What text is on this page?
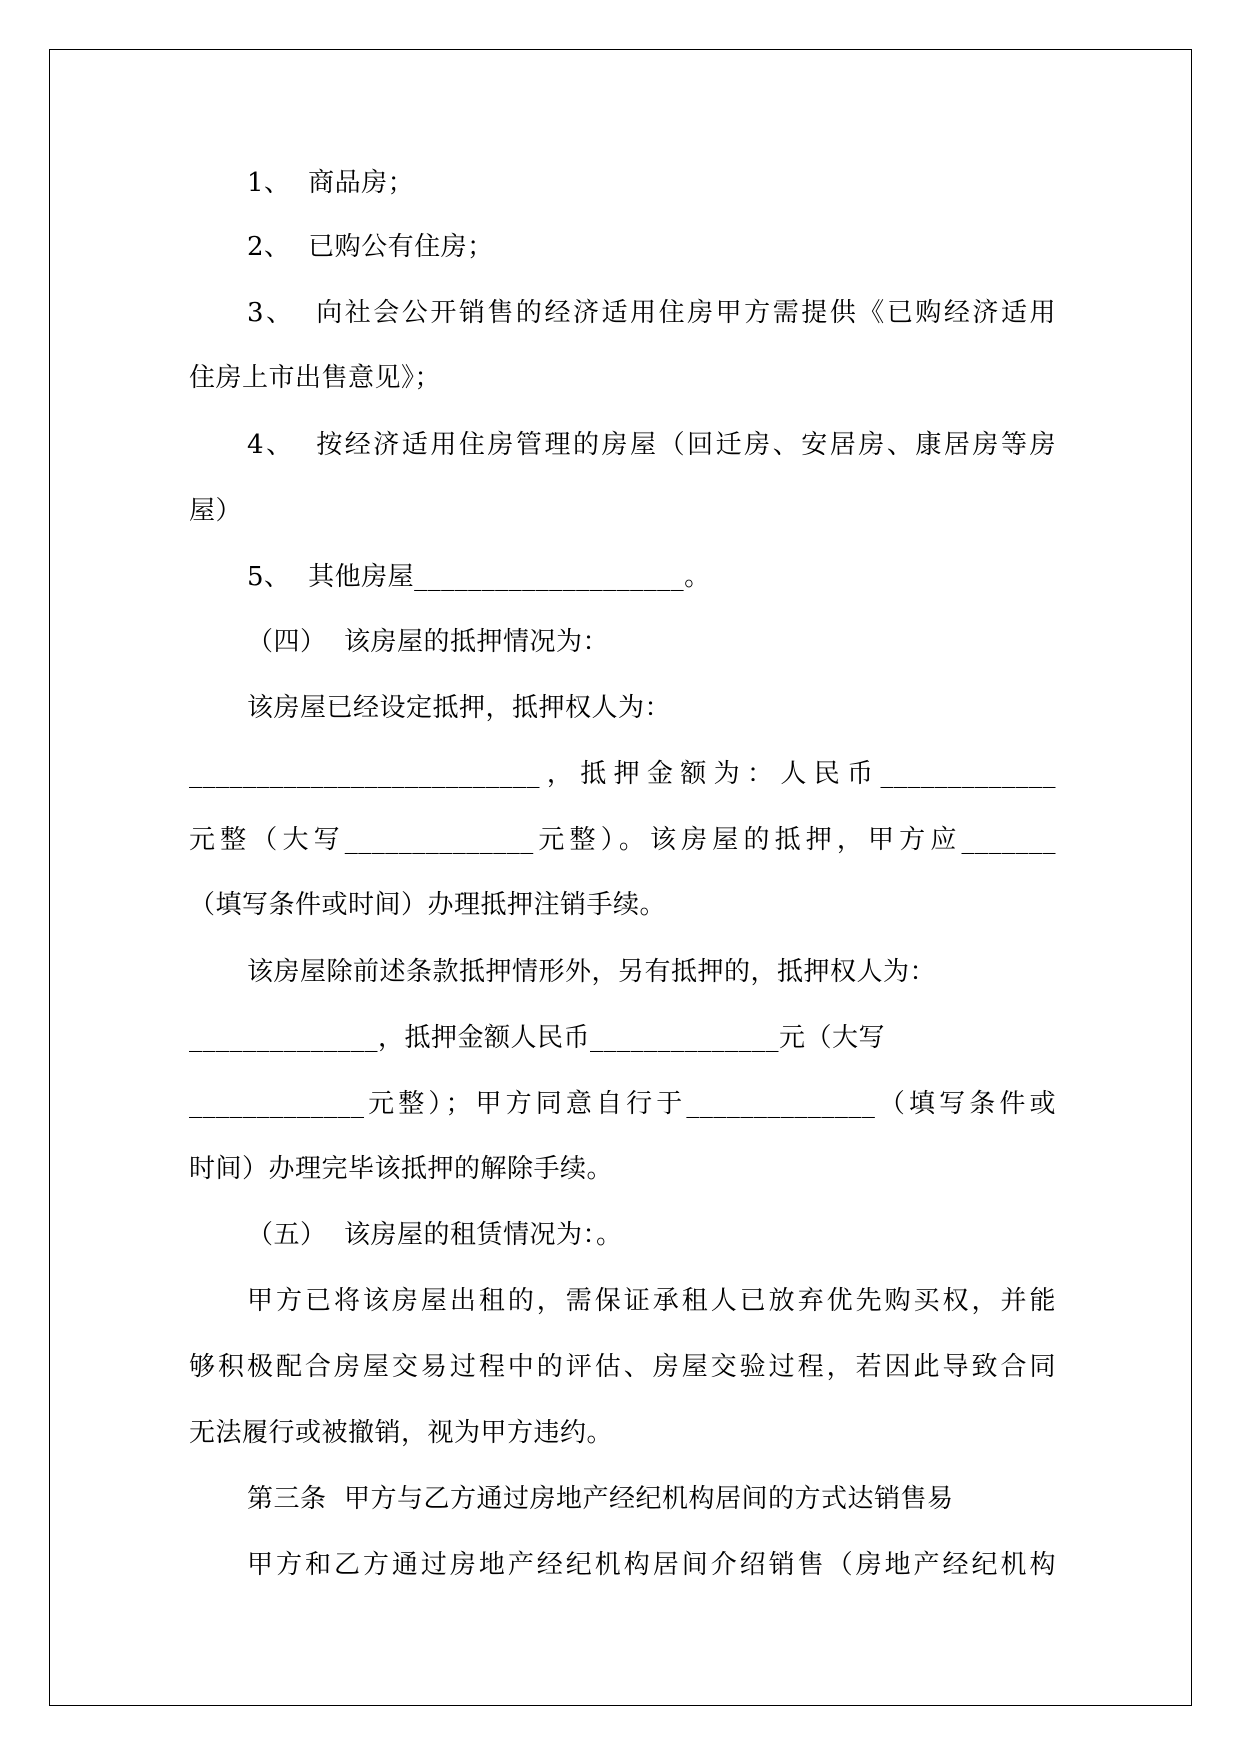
1、  商品房；
2、  已购公有住房；
3、  向社会公开销售的经济适用住房甲方需提供《已购经济适用
住房上市出售意见》；
4、  按经济适用住房管理的房屋（回迁房、安居房、康居房等房
屋）
5、  其他房屋____________________。
（四）  该房屋的抵押情况为：
该房屋已经设定抵押，抵押权人为：
__________________________，抵押金额为：人民币_____________
元整（大写______________元整）。该房屋的抵押，甲方应_______
（填写条件或时间）办理抵押注销手续。
该房屋除前述条款抵押情形外，另有抵押的，抵押权人为：
______________，抵押金额人民币______________元（大写
_____________元整）；甲方同意自行于______________（填写条件或
时间）办理完毕该抵押的解除手续。
（五）  该房屋的租赁情况为：。
甲方已将该房屋出租的，需保证承租人已放弃优先购买权，并能
够积极配合房屋交易过程中的评估、房屋交验过程，若因此导致合同
无法履行或被撤销，视为甲方违约。
第三条  甲方与乙方通过房地产经纪机构居间的方式达销售易
甲方和乙方通过房地产经纪机构居间介绍销售（房地产经纪机构
